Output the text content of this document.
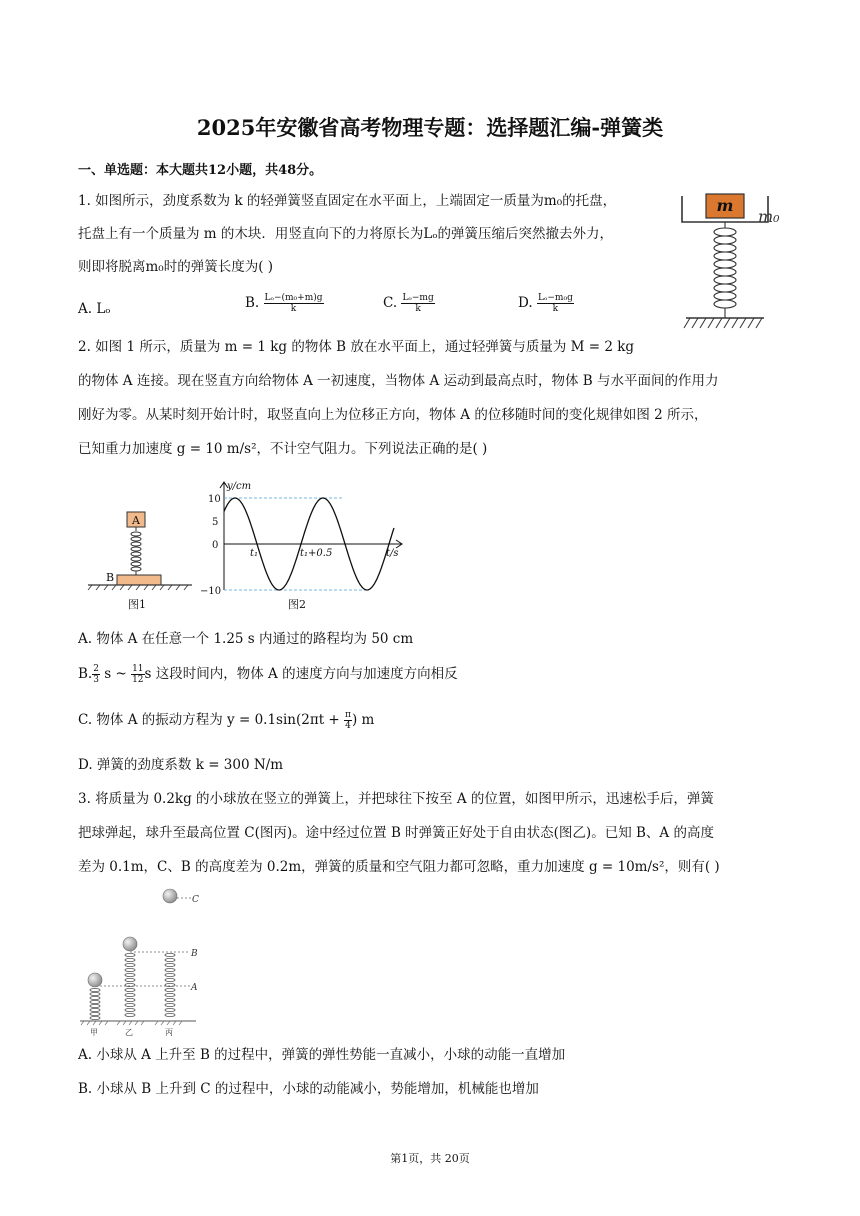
2025年安徽省高考物理专题：选择题汇编-弹簧类
一、单选题：本大题共12小题，共48分。
1. 如图所示，劲度系数为 k 的轻弹簧竖直固定在水平面上，上端固定一质量为m₀的托盘，
托盘上有一个质量为 m 的木块．用竖直向下的力将原长为Lₒ的弹簧压缩后突然撤去外力，
则即将脱离m₀时的弹簧长度为( )
A. Lₒ	B. $\frac{\text{Lₒ−(m₀+m)g}}{k}$	C. $\frac{\text{Lₒ−mg}}{k}$	D. $\frac{\text{Lₒ−m₀g}}{k}$
m
m₀
2. 如图 1 所示，质量为 m = 1 kg 的物体 B 放在水平面上，通过轻弹簧与质量为 M = 2 kg
的物体 A 连接。现在竖直方向给物体 A 一初速度，当物体 A 运动到最高点时，物体 B 与水平面间的作用力
刚好为零。从某时刻开始计时，取竖直向上为位移正方向，物体 A 的位移随时间的变化规律如图 2 所示，
已知重力加速度 g = 10 m/s²，不计空气阻力。下列说法正确的是( )
A
B
图1
y/cm
t/s
10
5
0
−10
t₁	t₁+0.5
图2
A. 物体 A 在任意一个 1.25 s 内通过的路程均为 50 cm
B. $\frac{2}{3}$ s ~ $\frac{11}{12}$ s 这段时间内，物体 A 的速度方向与加速度方向相反
C. 物体 A 的振动方程为 $y = 0.1\sin(2\pi t + \frac{\pi}{4}$ ) m
D. 弹簧的劲度系数 k = 300 N/m
3. 将质量为 0.2kg 的小球放在竖立的弹簧上，并把球往下按至 A 的位置，如图甲所示，迅速松手后，弹簧
把球弹起，球升至最高位置 C(图丙)。途中经过位置 B 时弹簧正好处于自由状态(图乙)。已知 B、A 的高度
差为 0.1m，C、B 的高度差为 0.2m，弹簧的质量和空气阻力都可忽略，重力加速度 g = 10m/s²，则有( )
C
B
A
甲	乙	丙
A. 小球从 A 上升至 B 的过程中，弹簧的弹性势能一直减小，小球的动能一直增加
B. 小球从 B 上升到 C 的过程中，小球的动能减小，势能增加，机械能也增加
第1页，共 20页
